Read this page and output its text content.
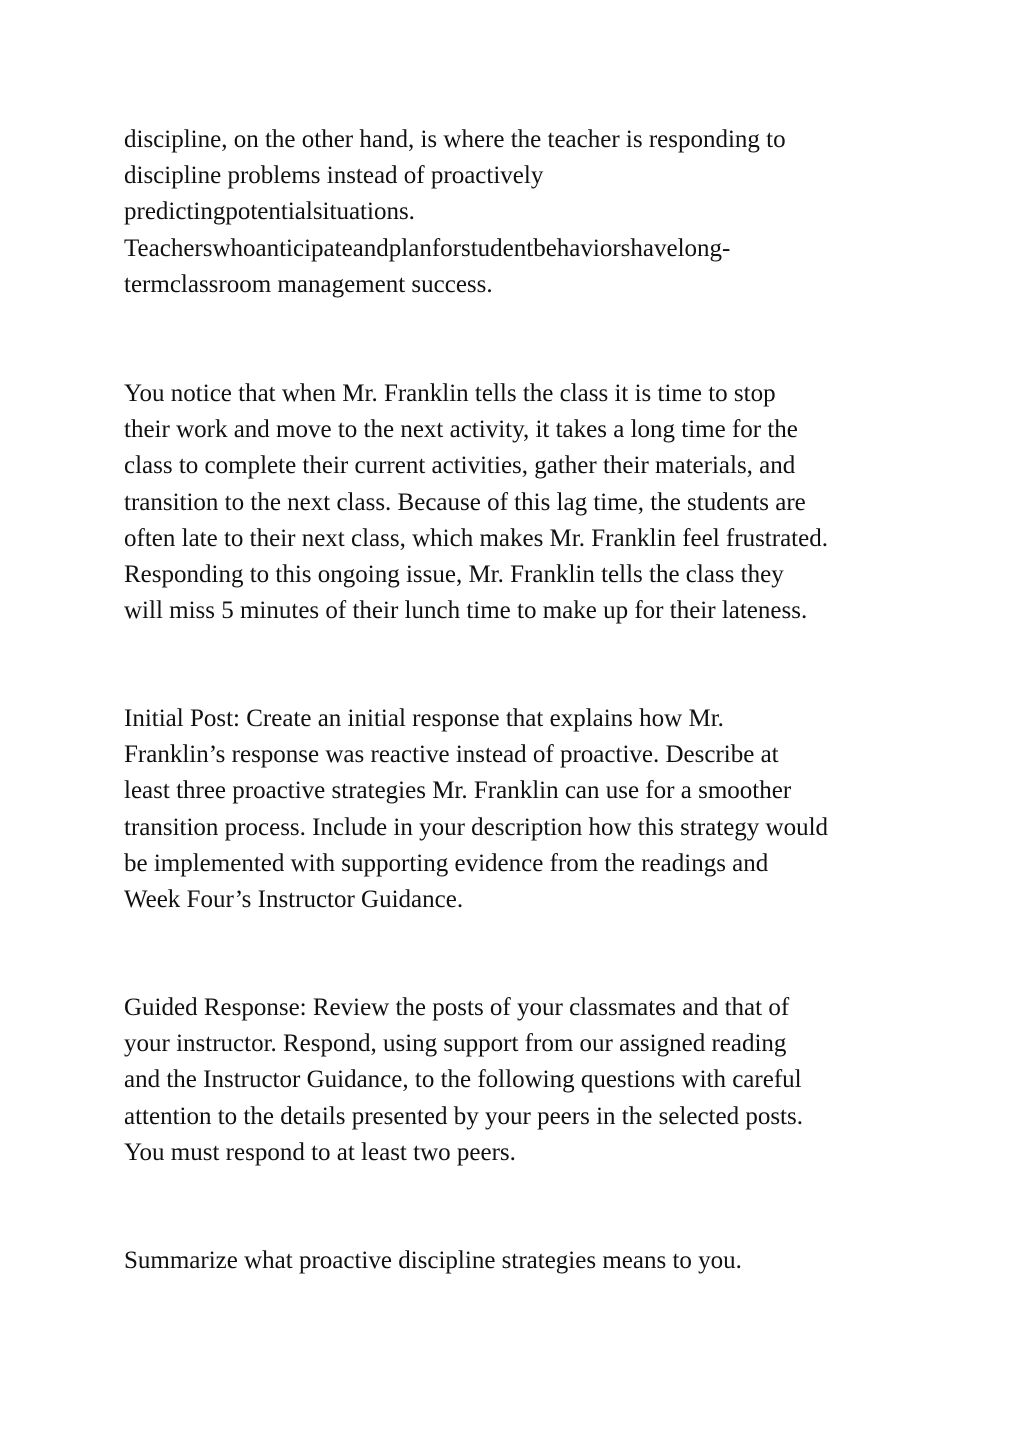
discipline, on the other hand, is where the teacher is responding to
discipline problems instead of proactively
predictingpotentialsituations.
Teacherswhoanticipateandplanforstudentbehaviorshavelong-
termclassroom management success.

You notice that when Mr. Franklin tells the class it is time to stop
their work and move to the next activity, it takes a long time for the
class to complete their current activities, gather their materials, and
transition to the next class. Because of this lag time, the students are
often late to their next class, which makes Mr. Franklin feel frustrated.
Responding to this ongoing issue, Mr. Franklin tells the class they
will miss 5 minutes of their lunch time to make up for their lateness.

Initial Post: Create an initial response that explains how Mr.
Franklin’s response was reactive instead of proactive. Describe at
least three proactive strategies Mr. Franklin can use for a smoother
transition process. Include in your description how this strategy would
be implemented with supporting evidence from the readings and
Week Four’s Instructor Guidance.

Guided Response: Review the posts of your classmates and that of
your instructor. Respond, using support from our assigned reading
and the Instructor Guidance, to the following questions with careful
attention to the details presented by your peers in the selected posts.
You must respond to at least two peers.

Summarize what proactive discipline strategies means to you.
